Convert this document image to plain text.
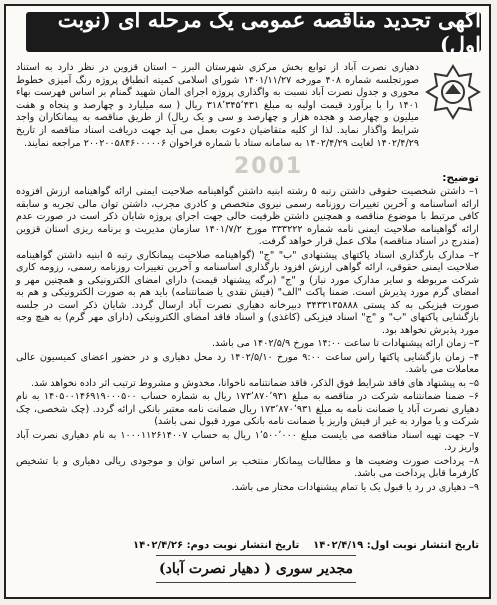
آگهی تجدید مناقصه عمومی یک مرحله ای (نوبت اول)
دهیاری نصرت آباد از توابع بخش مرکزی شهرستان البرز – استان قزوین در نظر دارد به استناد صورتجلسه شماره ۴۰۸ مورخه ۱۴۰۱/۱۱/۲۷ شورای اسلامی کمیته انطباق پروژه رنگ آمیزی خطوط محوری و جدول نصرت آباد نسبت به واگذاری پروژه اجرای المان شهید گمنام بر اساس فهرست بهاء ۱۴۰۱ را با برآورد قیمت اولیه به مبلغ ۳۱۸٬۳۴۵٬۴۳۱ ریال ( سه میلیارد و چهارصد و پنجاه و هفت میلیون و چهارصد و هجده هزار و چهارصد و سی و یک ریال) از طریق مناقصه به پیمانکاران واجد شرایط واگذار نماید. لذا از کلیه متقاضیان دعوت بعمل می آید جهت دریافت اسناد مناقصه از تاریخ ۱۴۰۲/۴/۲۹ لغایت ۱۴۰۲/۴/۲۹ به سامانه ستاد با شماره فراخوان ۲۰۰۲۰۰۵۸۴۶۰۰۰۰۰۶ مراجعه نمایند.
2001	توضیح:

۱– داشتن شخصیت حقوقی داشتن رتبه ۵ رشته ابنیه داشتن گواهینامه صلاحیت ایمنی ارائه گواهینامه ارزش افزوده ارائه اساسنامه و آخرین تغییرات روزنامه رسمی نیروی متخصص و کادری مجرب، داشتن توان مالی تجربه و سابقه کافی مرتبط با موضوع مناقصه و همچنین داشتن ظرفیت خالی جهت اجرای پروژه شایان ذکر است در صورت عدم ارائه گواهینامه صلاحیت ایمنی نامه شماره ۳۳۳۲۲۲ مورخ ۱۴۰۱/۷/۲ سازمان مدیریت و برنامه ریزی استان قزوین (مندرج در اسناد مناقصه) ملاک عمل قرار خواهد گرفت.

۲– مدارک بارگذاری اسناد پاکتهای پیشنهادی "ب" "ج" (گواهینامه صلاحیت پیمانکاری رتبه ۵ ابنیه داشتن گواهینامه صلاحیت ایمنی حقوقی، ارائه گواهی ارزش افزود بارگذاری اساسنامه و آخرین تغییرات روزنامه رسمی، رزومه کاری شرکت مربوطه و سایر مدارک مورد نیاز) و "ج" (برگه پیشنهاد قیمت) دارای امضای الکترونیکی و همچنین مهر و امضای گرم مورد پذیرش است. ضمنا پاکت "الف" (فیش نقدی یا ضمانتنامه) باید هم به صورت الکترونیکی و هم به صورت فیزیکی به کد پستی ۳۴۳۳۱۳۵۸۸۸ دبیرخانه دهیاری نصرت آباد ارسال گردد. شایان ذکر است در جلسه بازگشایی پاکتهای "ب" و "ج" اسناد فیزیکی (کاغذی) و اسناد فاقد امضای الکترونیکی (دارای مهر گرم) به هیچ وجه مورد پذیرش نخواهد بود.

۳– زمان ارائه پیشنهادات تا ساعت ۱۴:۰۰ مورخ ۱۴۰۲/۵/۹ می باشد.

۴– زمان بازگشایی پاکتها راس ساعت ۹:۰۰ مورخ ۱۴۰۲/۵/۱۰ رد محل دهیاری و در حضور اعضای کمیسیون عالی معاملات می باشد.

۵– به پیشنهاد های فاقد شرایط فوق الذکر، فاقد ضمانتنامه ناخوانا، مخدوش و مشروط ترتیب اثر داده نخواهد شد.

۶– ضمنا ضمانتنامه شرکت در مناقصه به مبلغ ۱۷۳٬۸۷۰٬۹۳۱ ریال به شماره حساب ۱۴۰۵۰۰۱۴۶۹۱۹۰۰۰۵۰۰ به نام دهیاری نصرت آباد یا ضمانت نامه به مبلغ ۱۷۳٬۸۷۰٬۹۳۱ ریال ضمانت نامه معتبر بانکی ارائه گردد. (چک شخصی، چک شرکت و یا موارد به غیر از فیش واریز یا ضمانت نامه بانکی مورد قبول نمی باشد)

۷– جهت تهیه اسناد مناقصه می بایست مبلغ ۱٬۵۰۰٬۰۰۰ ریال به حساب ۱۰۰۰۱۱۲۶۱۴۰۰۷ به نام دهیاری نصرت آباد واریز رد.

۸– پرداخت صورت وضعیت ها و مطالبات پیمانکار منتخب بر اساس توان و موجودی ریالی دهیاری و با تشخیص کارفرما قابل پرداخت می باشد.

۹– دهیاری در رد یا قبول یک یا تمام پیشنهادات مختار می باشد.

تاریخ انتشار نوبت اول: ۱۴۰۲/۴/۱۹    تاریخ انتشار نوبت دوم: ۱۴۰۲/۴/۲۶
مجدیر سوری ( دهیار نصرت آباد)
